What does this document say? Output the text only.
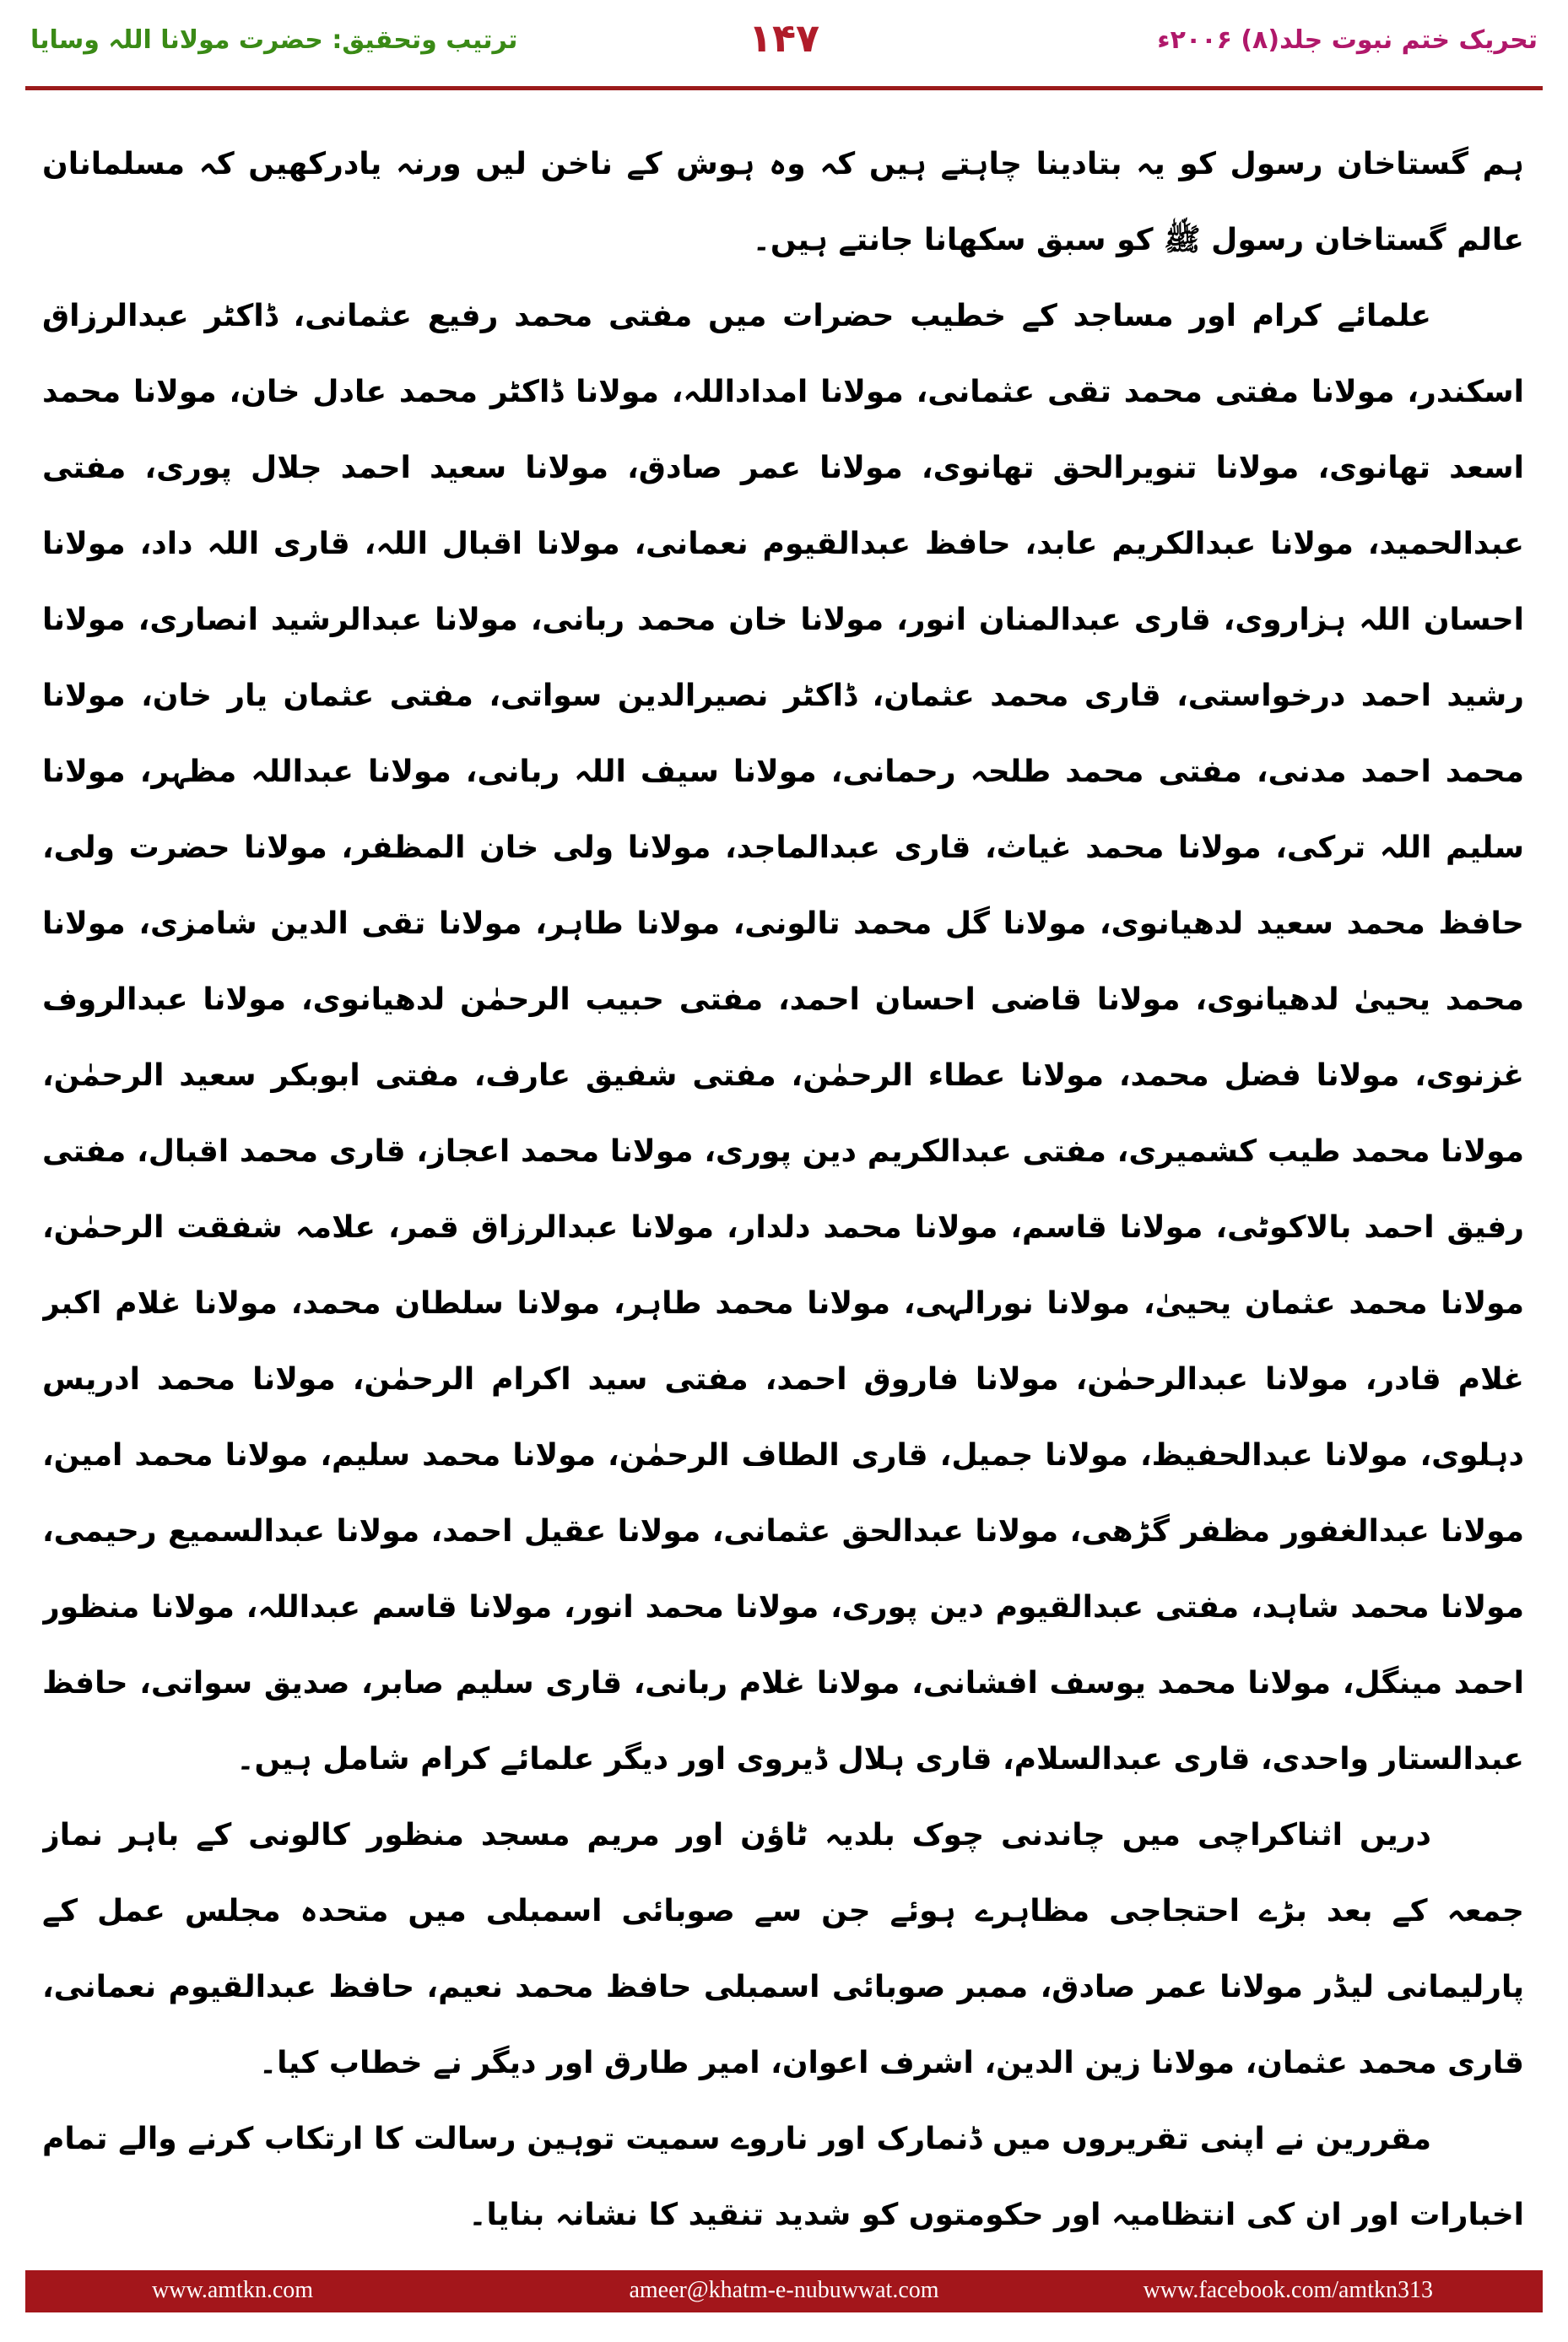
تحریک ختم نبوت جلد(۸) ۲۰۰۶ء
۱۴۷
ترتیب وتحقیق: حضرت مولانا اللہ وسایا

ہم گستاخان رسول کو یہ بتادینا چاہتے ہیں کہ وہ ہوش کے ناخن لیں ورنہ یادرکھیں کہ مسلمانان عالم گستاخان رسول ﷺ کو سبق سکھانا جانتے ہیں۔

علمائے کرام اور مساجد کے خطیب حضرات میں مفتی محمد رفیع عثمانی، ڈاکٹر عبدالرزاق اسکندر، مولانا مفتی محمد تقی عثمانی، مولانا امداداللہ، مولانا ڈاکٹر محمد عادل خان، مولانا محمد اسعد تھانوی، مولانا تنویرالحق تھانوی، مولانا عمر صادق، مولانا سعید احمد جلال پوری، مفتی عبدالحمید، مولانا عبدالکریم عابد، حافظ عبدالقیوم نعمانی، مولانا اقبال اللہ، قاری اللہ داد، مولانا احسان اللہ ہزاروی، قاری عبدالمنان انور، مولانا خان محمد ربانی، مولانا عبدالرشید انصاری، مولانا رشید احمد درخواستی، قاری محمد عثمان، ڈاکٹر نصیرالدین سواتی، مفتی عثمان یار خان، مولانا محمد احمد مدنی، مفتی محمد طلحہ رحمانی، مولانا سیف اللہ ربانی، مولانا عبداللہ مظہر، مولانا سلیم اللہ ترکی، مولانا محمد غیاث، قاری عبدالماجد، مولانا ولی خان المظفر، مولانا حضرت ولی، حافظ محمد سعید لدھیانوی، مولانا گل محمد تالونی، مولانا طاہر، مولانا تقی الدین شامزی، مولانا محمد یحییٰ لدھیانوی، مولانا قاضی احسان احمد، مفتی حبیب الرحمٰن لدھیانوی، مولانا عبدالروف غزنوی، مولانا فضل محمد، مولانا عطاء الرحمٰن، مفتی شفیق عارف، مفتی ابوبکر سعید الرحمٰن، مولانا محمد طیب کشمیری، مفتی عبدالکریم دین پوری، مولانا محمد اعجاز، قاری محمد اقبال، مفتی رفیق احمد بالاکوٹی، مولانا قاسم، مولانا محمد دلدار، مولانا عبدالرزاق قمر، علامہ شفقت الرحمٰن، مولانا محمد عثمان یحییٰ، مولانا نورالہی، مولانا محمد طاہر، مولانا سلطان محمد، مولانا غلام اکبر غلام قادر، مولانا عبدالرحمٰن، مولانا فاروق احمد، مفتی سید اکرام الرحمٰن، مولانا محمد ادریس دہلوی، مولانا عبدالحفیظ، مولانا جمیل، قاری الطاف الرحمٰن، مولانا محمد سلیم، مولانا محمد امین، مولانا عبدالغفور مظفر گڑھی، مولانا عبدالحق عثمانی، مولانا عقیل احمد، مولانا عبدالسمیع رحیمی، مولانا محمد شاہد، مفتی عبدالقیوم دین پوری، مولانا محمد انور، مولانا قاسم عبداللہ، مولانا منظور احمد مینگل، مولانا محمد یوسف افشانی، مولانا غلام ربانی، قاری سلیم صابر، صدیق سواتی، حافظ عبدالستار واحدی، قاری عبدالسلام، قاری ہلال ڈیروی اور دیگر علمائے کرام شامل ہیں۔

دریں اثناکراچی میں چاندنی چوک بلدیہ ٹاؤن اور مریم مسجد منظور کالونی کے باہر نماز جمعہ کے بعد بڑے احتجاجی مظاہرے ہوئے جن سے صوبائی اسمبلی میں متحدہ مجلس عمل کے پارلیمانی لیڈر مولانا عمر صادق، ممبر صوبائی اسمبلی حافظ محمد نعیم، حافظ عبدالقیوم نعمانی، قاری محمد عثمان، مولانا زین الدین، اشرف اعوان، امیر طارق اور دیگر نے خطاب کیا۔

مقررین نے اپنی تقریروں میں ڈنمارک اور ناروے سمیت توہین رسالت کا ارتکاب کرنے والے تمام اخبارات اور ان کی انتظامیہ اور حکومتوں کو شدید تنقید کا نشانہ بنایا۔

ameer@khatm-e-nubuwwat.com
www.amtkn.com	www.facebook.com/amtkn313
